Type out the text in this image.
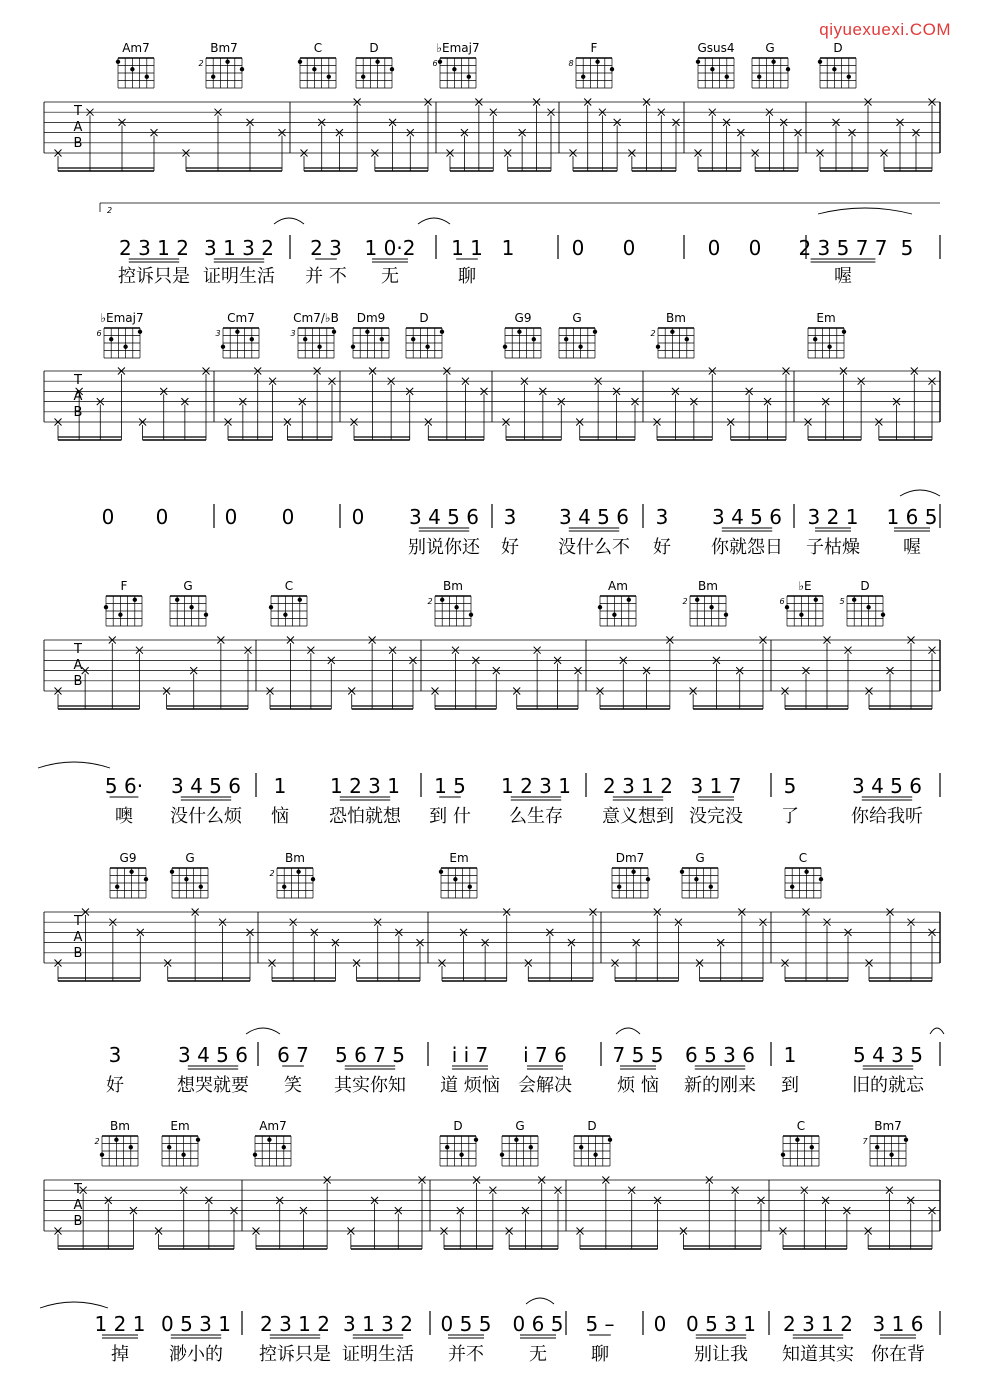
qiyuexuexi.COM
2
Am7	Bm7
2
C	D	♭Emaj7
6
F
8
Gsus4	G	D
T
A
B
2 3 1 2
控诉只是
3 1 3 2
证明生活
2 3
并 不
1 0·2
无
1 1
聊
1	0 0	0 0 2 3 5 7 7
喔
5
♭Emaj7
6
Cm7
3
Cm7/♭B
3
Dm9	D	G9	G	Bm
2
Em
T
A
B
0 0	0 0	0 3 4 5 6
别说你还
3
好
3 4 5 6
没什么不
3
好
3 4 5 6
你就怨日
3 2 1
子枯燥
1 6 5
喔
F	G	C	Bm
2
Am	Bm
2
♭E
6
D
5
T
A
B
5 6·
噢
3 4 5 6
没什么烦
1
恼
1 2 3 1
恐怕就想
1 5
到 什
1 2 3 1
么生存
2 3 1 2
意义想到
3 1 7
没完没
5
了
3 4 5 6
你给我听
G9	G	Bm
2
Em	Dm7	G	C
T
A
B
3
好
3 4 5 6
想哭就要
6 7
笑
5 6 7 5
其实你知
i i 7
道 烦恼
i 7 6
会解决
7 5 5
烦 恼
6 5 3 6
新的刚来
1
到
5 4 3 5
旧的就忘
Bm
2
Em	Am7	D	G	D	C	Bm7
7
T
A
B
1 2 1
掉
0 5 3 1
渺小的
2 3 1 2
控诉只是
3 1 3 2
证明生活
0 5 5
并不
0 6 5
无
5 –
聊
0 0 5 3 1
别让我
2 3 1 2
知道其实
3 1 6
你在背
